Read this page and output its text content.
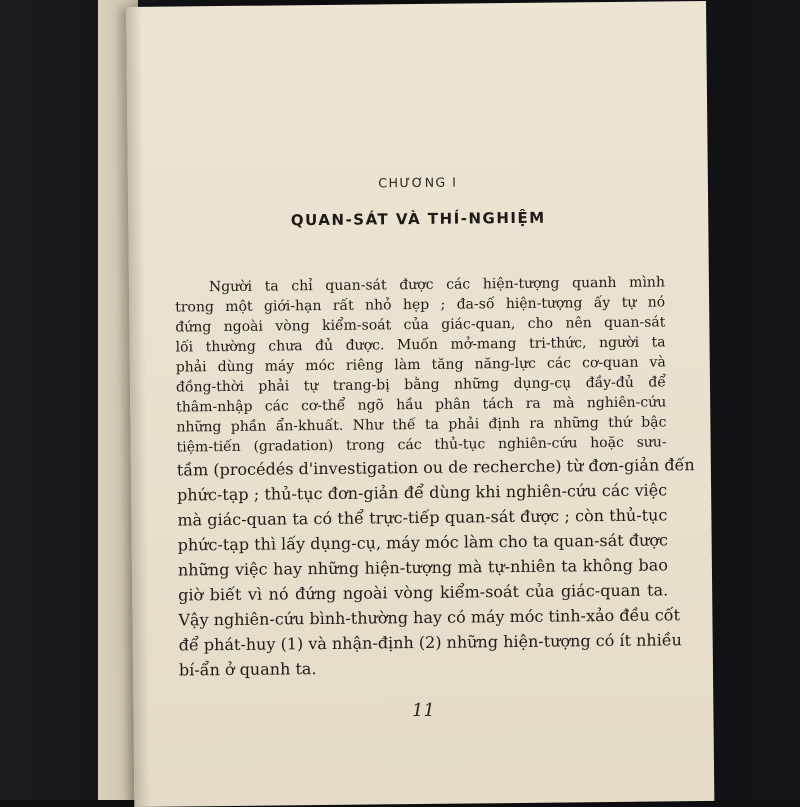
CHƯƠNG I
QUAN-SÁT VÀ THÍ-NGHIỆM
Người ta chỉ quan-sát được các hiện-tượng quanh mình
trong một giới-hạn rất nhỏ hẹp ; đa-số hiện-tượng ấy tự nó
đứng ngoài vòng kiểm-soát của giác-quan, cho nên quan-sát
lối thường chưa đủ được. Muốn mở-mang tri-thức, người ta
phải dùng máy móc riêng làm tăng năng-lực các cơ-quan và
đồng-thời phải tự trang-bị bằng những dụng-cụ đầy-đủ để
thâm-nhập các cơ-thể ngõ hầu phân tách ra mà nghiên-cứu
những phần ẩn-khuất. Như thế ta phải định ra những thứ bậc
tiệm-tiến (gradation) trong các thủ-tục nghiên-cứu hoặc sưu-
tầm (procédés d'investigation ou de recherche) từ đơn-giản đến
phức-tạp ; thủ-tục đơn-giản để dùng khi nghiên-cứu các việc
mà giác-quan ta có thể trực-tiếp quan-sát được ; còn thủ-tục
phức-tạp thì lấy dụng-cụ, máy móc làm cho ta quan-sát được
những việc hay những hiện-tượng mà tự-nhiên ta không bao
giờ biết vì nó đứng ngoài vòng kiểm-soát của giác-quan ta.
Vậy nghiên-cứu bình-thường hay có máy móc tinh-xảo đều cốt
để phát-huy (1) và nhận-định (2) những hiện-tượng có ít nhiều
bí-ẩn ở quanh ta.
11
